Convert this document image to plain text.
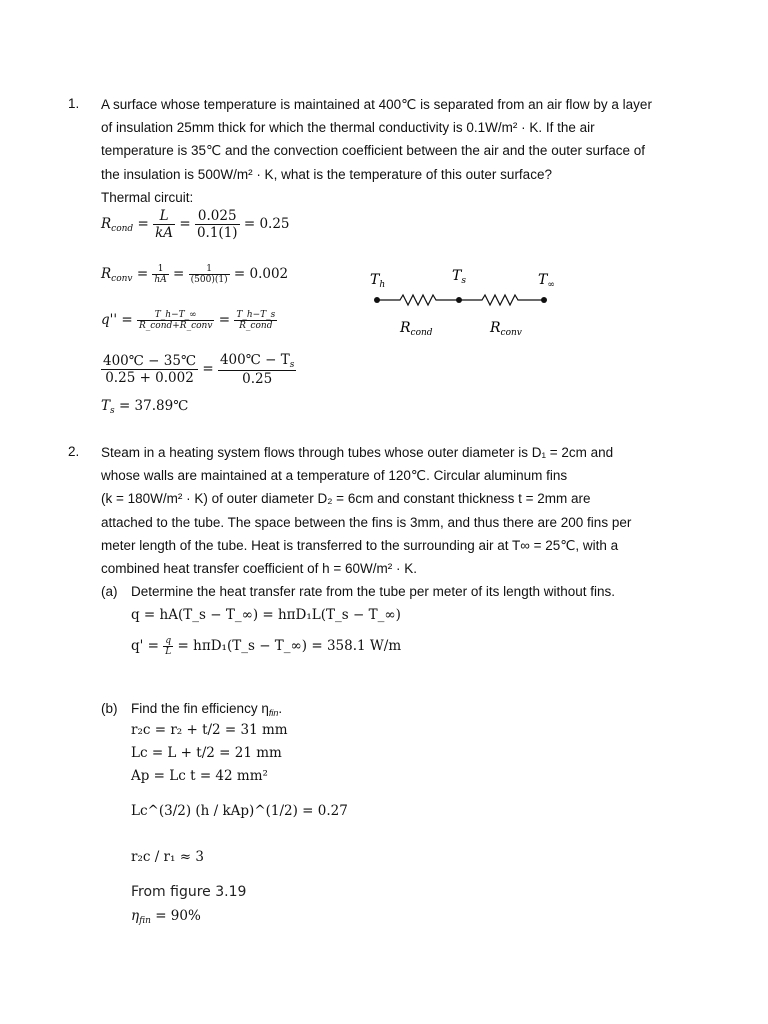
1. A surface whose temperature is maintained at 400℃ is separated from an air flow by a layer
of insulation 25mm thick for which the thermal conductivity is 0.1W/m² · K. If the air
temperature is 35℃ and the convection coefficient between the air and the outer surface of
the insulation is 500W/m² · K, what is the temperature of this outer surface?
Thermal circuit:
$R_{cond} = \frac{L}{kA} = \frac{0.025}{0.1(1)} = 0.25$
$R_{conv} = \frac{1}{hA} = \frac{1}{(500)(1)} = 0.002$
$q'' = \frac{T\_h-T\_\infty}{\text{R\_cond+R\_conv}} = \frac{T\_h-T\_s}{\text{R\_cond}}$
$\frac{400℃ - 35℃}{0.25 + 0.002} = \frac{400℃ - T_s}{0.25}$
$T_s$ = 37.89℃
$T_h$
$T_s$	$T_\infty$
$R_{cond}$	$R_{conv}$
2. Steam in a heating system flows through tubes whose outer diameter is D₁ = 2cm and
whose walls are maintained at a temperature of 120℃. Circular aluminum fins
(k = 180W/m² · K) of outer diameter D₂ = 6cm and constant thickness t = 2mm are
attached to the tube. The space between the fins is 3mm, and thus there are 200 fins per
meter length of the tube. Heat is transferred to the surrounding air at T∞ = 25℃, with a
combined heat transfer coefficient of h = 60W/m² · K.
(a) Determine the heat transfer rate from the tube per meter of its length without fins.
q = hA(T_s − T_∞) = hπD₁L(T_s − T_∞)
$q' = \frac{q}{L}$ = hπD₁(T_s − T_∞) = 358.1 W/m
(b) Find the fin efficiency $\eta_{fin}$.
r₂c = r₂ + t/2 = 31 mm
Lc = L + t/2 = 21 mm
Ap = Lc t = 42 mm²
Lc^(3/2) (h / kAp)^(1/2) = 0.27
r₂c / r₁ ≈ 3
From figure 3.19
$\eta_{fin} = 90\%$
